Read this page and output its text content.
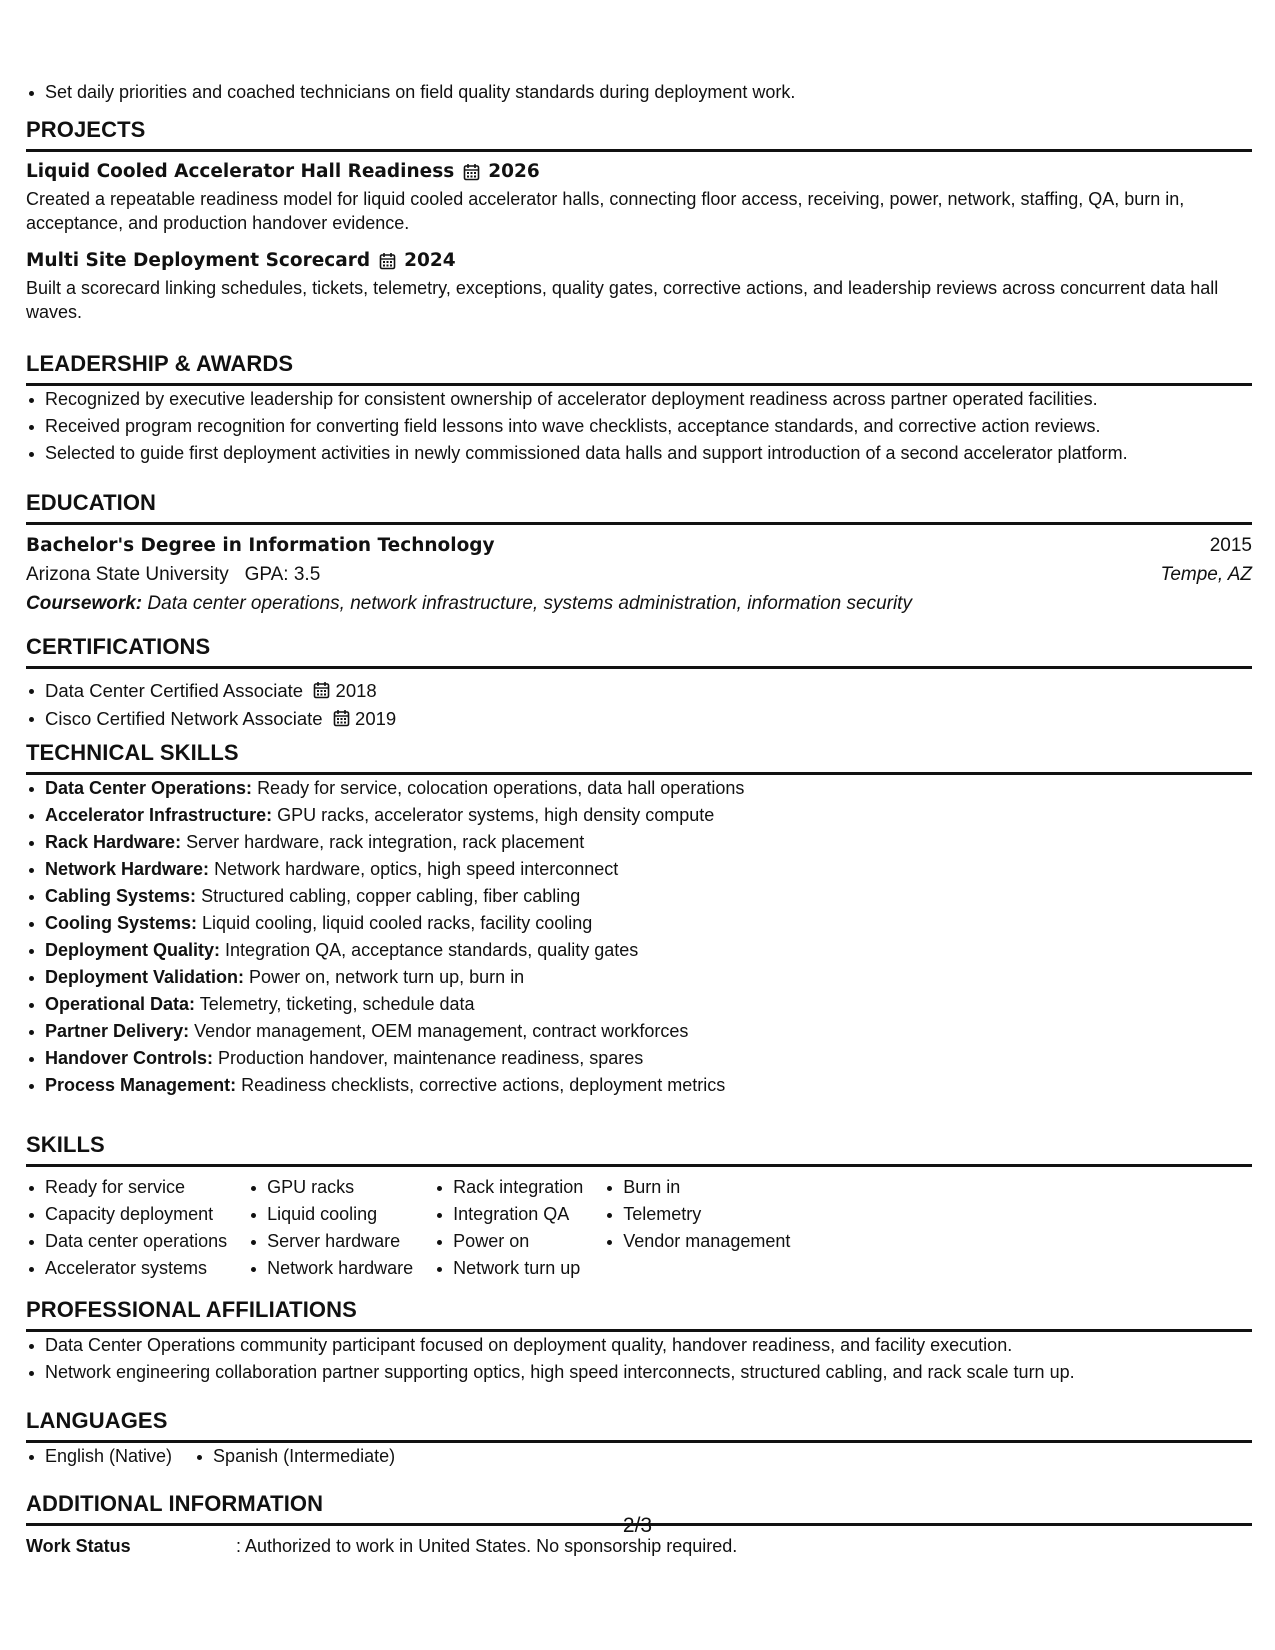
Set daily priorities and coached technicians on field quality standards during deployment work.
PROJECTS
Liquid Cooled Accelerator Hall Readiness 2026
Created a repeatable readiness model for liquid cooled accelerator halls, connecting floor access, receiving, power, network, staffing, QA, burn in, acceptance, and production handover evidence.
Multi Site Deployment Scorecard 2024
Built a scorecard linking schedules, tickets, telemetry, exceptions, quality gates, corrective actions, and leadership reviews across concurrent data hall waves.
LEADERSHIP & AWARDS
Recognized by executive leadership for consistent ownership of accelerator deployment readiness across partner operated facilities.
Received program recognition for converting field lessons into wave checklists, acceptance standards, and corrective action reviews.
Selected to guide first deployment activities in newly commissioned data halls and support introduction of a second accelerator platform.
EDUCATION
Bachelor's Degree in Information Technology	2015
Arizona State University GPA: 3.5	Tempe, AZ
Coursework: Data center operations, network infrastructure, systems administration, information security
CERTIFICATIONS
Data Center Certified Associate 2018
Cisco Certified Network Associate 2019
TECHNICAL SKILLS
Data Center Operations: Ready for service, colocation operations, data hall operations
Accelerator Infrastructure: GPU racks, accelerator systems, high density compute
Rack Hardware: Server hardware, rack integration, rack placement
Network Hardware: Network hardware, optics, high speed interconnect
Cabling Systems: Structured cabling, copper cabling, fiber cabling
Cooling Systems: Liquid cooling, liquid cooled racks, facility cooling
Deployment Quality: Integration QA, acceptance standards, quality gates
Deployment Validation: Power on, network turn up, burn in
Operational Data: Telemetry, ticketing, schedule data
Partner Delivery: Vendor management, OEM management, contract workforces
Handover Controls: Production handover, maintenance readiness, spares
Process Management: Readiness checklists, corrective actions, deployment metrics
SKILLS
Ready for service
Capacity deployment
Data center operations
Accelerator systems
GPU racks
Liquid cooling
Server hardware
Network hardware
Rack integration
Integration QA
Power on
Network turn up
Burn in
Telemetry
Vendor management
PROFESSIONAL AFFILIATIONS
Data Center Operations community participant focused on deployment quality, handover readiness, and facility execution.
Network engineering collaboration partner supporting optics, high speed interconnects, structured cabling, and rack scale turn up.
LANGUAGES
English (Native)	Spanish (Intermediate)
ADDITIONAL INFORMATION
Work Status	: Authorized to work in United States. No sponsorship required.
2/3
